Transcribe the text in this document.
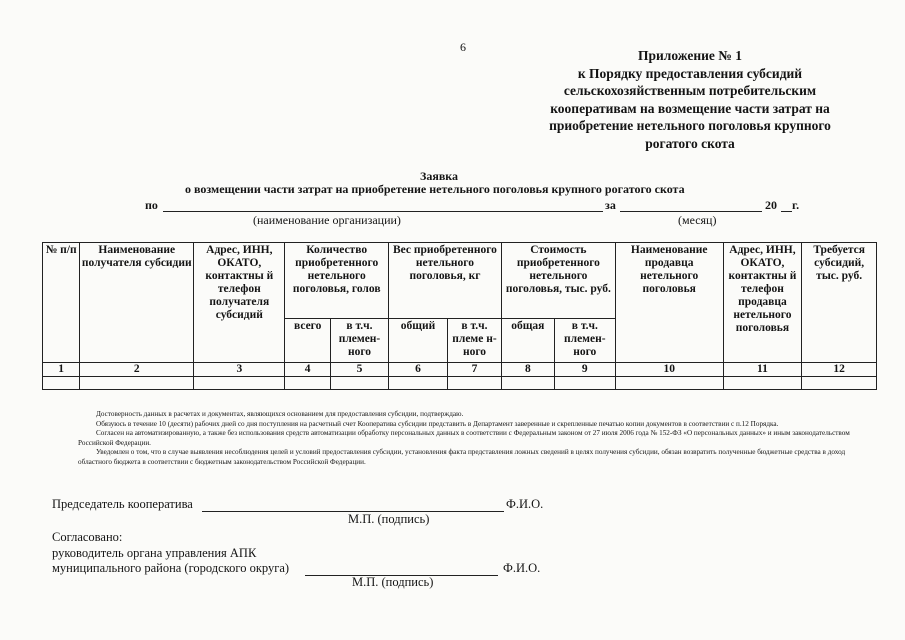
6
Приложение № 1
к Порядку предоставления субсидий
сельскохозяйственным потребительским
кооперативам на возмещение части затрат на
приобретение нетельного поголовья крупного
рогатого скота
Заявка
о возмещении части затрат на приобретение нетельного поголовья крупного рогатого скота
по	за	20 г.
(наименование организации)	(месяц)
№ п/п	Наименование получателя субсидии	Адрес, ИНН, ОКАТО, контактны й телефон получателя субсидий	Количество приобретенного нетельного поголовья, голов		Вес приобретенного нетельного поголовья, кг		Стоимость приобретенного нетельного поголовья, тыс. руб.		Наименование продавца нетельного поголовья	Адрес, ИНН, ОКАТО, контактны й телефон продавца нетельного поголовья	Требуется субсидий, тыс. руб.
			всего	в т.ч. племен-ного	общий	в т.ч. племе н-ного	общая	в т.ч. племен-ного			
1	2	3	4	5	6	7	8	9	10	11	12

Достоверность данных в расчетах и документах, являющихся основанием для предоставления субсидии, подтверждаю.

Обязуюсь в течение 10 (десяти) рабочих дней со дня поступления на расчетный счет Кооператива субсидии представить в Департамент заверенные и скрепленные печатью копии документов в соответствии с п.12 Порядка.

Согласен на автоматизированную, а также без использования средств автоматизации обработку персональных данных в соответствии с Федеральным законом от 27 июля 2006 года № 152-ФЗ «О персональных данных» и иным законодательством Российской Федерации.

Уведомлен о том, что в случае выявления несоблюдения целей и условий предоставления субсидии, установления факта представления ложных сведений в целях получения субсидии, обязан возвратить полученные бюджетные средства в доход областного бюджета в соответствии с бюджетным законодательством Российской Федерации.

Председатель кооператива	Ф.И.О.
М.П. (подпись)
Согласовано:
руководитель органа управления АПК
муниципального района (городского округа)	Ф.И.О.
М.П. (подпись)
